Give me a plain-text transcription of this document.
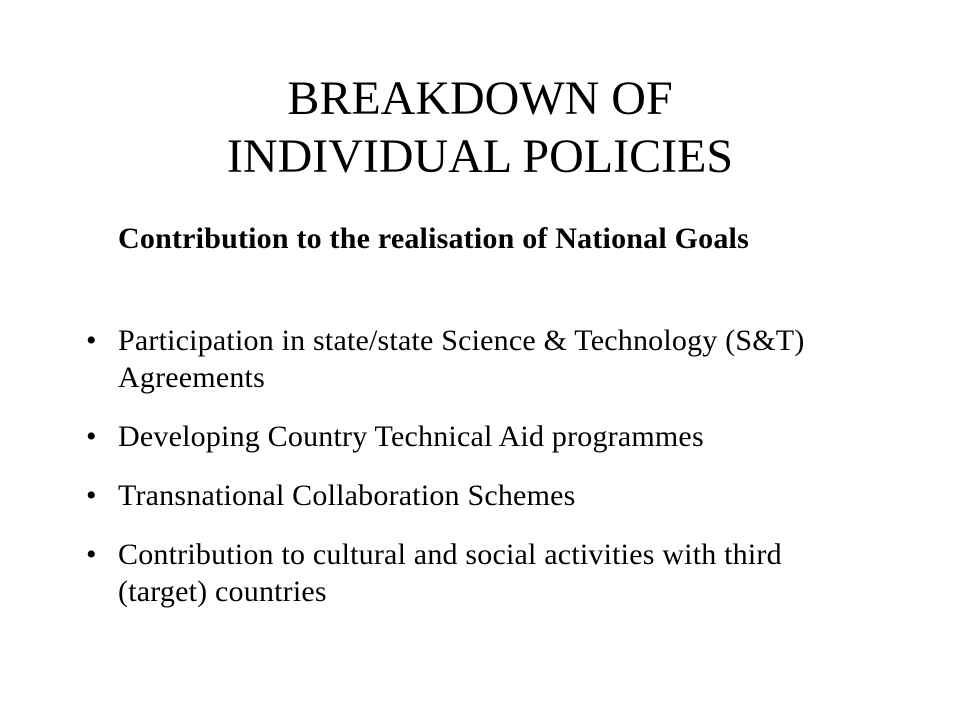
BREAKDOWN OF
INDIVIDUAL POLICIES
Contribution to the realisation of National Goals
• Participation in state/state Science & Technology (S&T) Agreements
• Developing Country Technical Aid programmes
• Transnational Collaboration Schemes
• Contribution to cultural and social activities with third (target) countries
